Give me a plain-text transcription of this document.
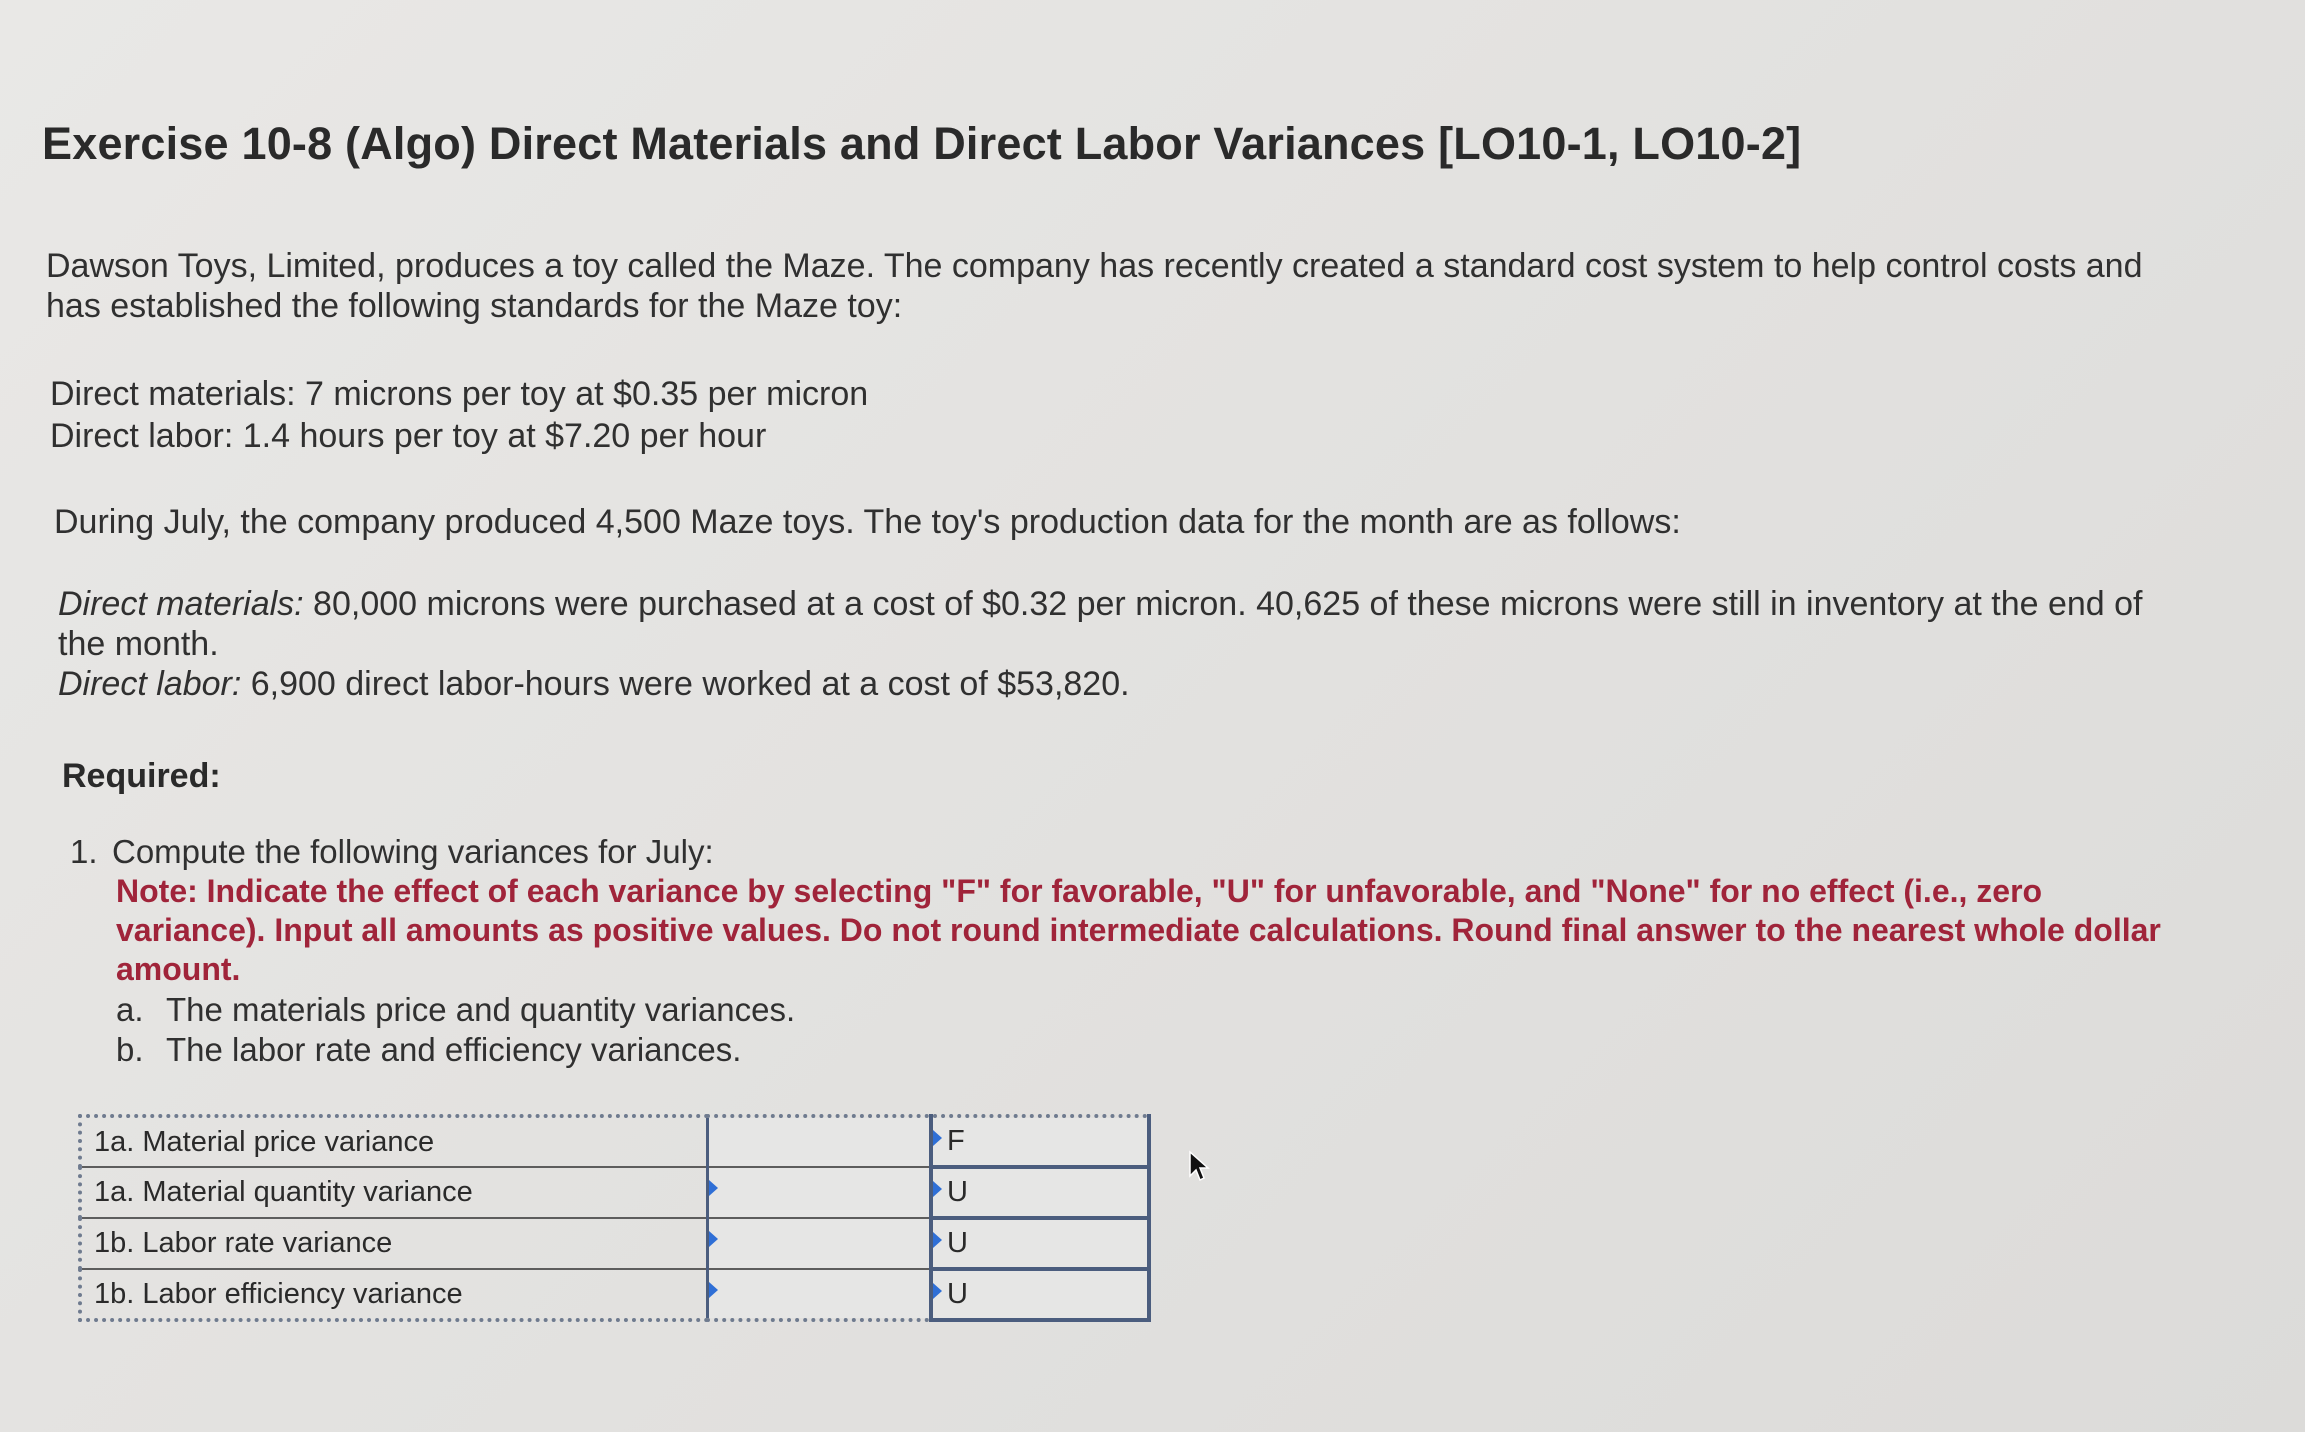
Exercise 10-8 (Algo) Direct Materials and Direct Labor Variances [LO10-1, LO10-2]

Dawson Toys, Limited, produces a toy called the Maze. The company has recently created a standard cost system to help control costs and has established the following standards for the Maze toy:

Direct materials: 7 microns per toy at $0.35 per micron
Direct labor: 1.4 hours per toy at $7.20 per hour

During July, the company produced 4,500 Maze toys. The toy's production data for the month are as follows:

Direct materials: 80,000 microns were purchased at a cost of $0.32 per micron. 40,625 of these microns were still in inventory at the end of the month.
Direct labor: 6,900 direct labor-hours were worked at a cost of $53,820.

Required:

1. Compute the following variances for July:
Note: Indicate the effect of each variance by selecting "F" for favorable, "U" for unfavorable, and "None" for no effect (i.e., zero variance). Input all amounts as positive values. Do not round intermediate calculations. Round final answer to the nearest whole dollar amount.
a. The materials price and quantity variances.
b. The labor rate and efficiency variances.
1a. Material price variance		F
1a. Material quantity variance		U
1b. Labor rate variance		U
1b. Labor efficiency variance		U
